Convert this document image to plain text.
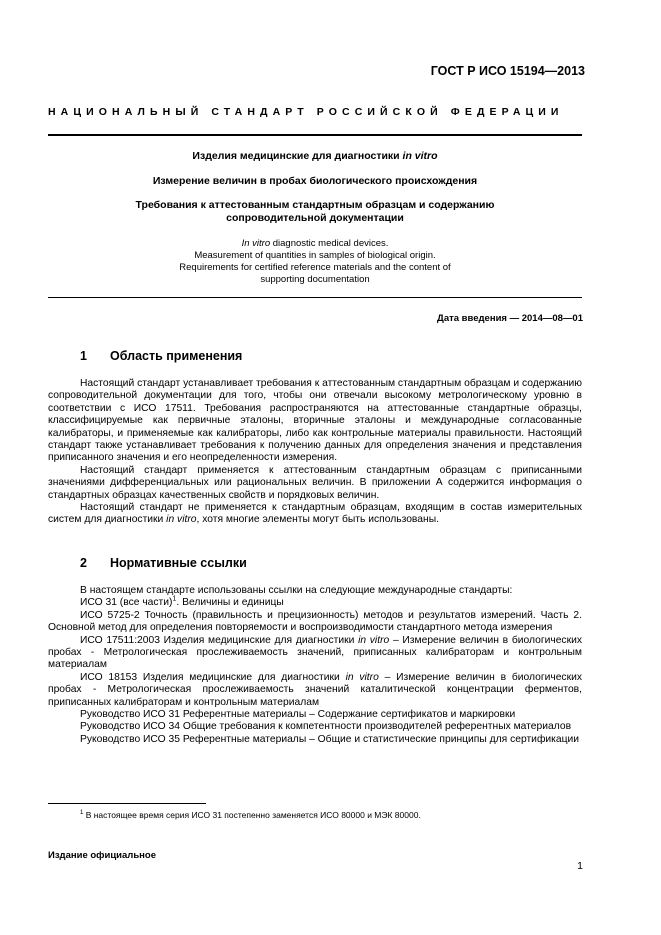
ГОСТ Р ИСО 15194—2013
НАЦИОНАЛЬНЫЙ СТАНДАРТ РОССИЙСКОЙ ФЕДЕРАЦИИ
Изделия медицинские для диагностики in vitro
Измерение величин в пробах биологического происхождения
Требования к аттестованным стандартным образцам и содержанию
сопроводительной документации
In vitro diagnostic medical devices.
Measurement of quantities in samples of biological origin.
Requirements for certified reference materials and the content of
supporting documentation
Дата введения — 2014—08—01
1 Область применения

Настоящий стандарт устанавливает требования к аттестованным стандартным образцам и содержанию сопроводительной документации для того, чтобы они отвечали высокому метрологическому уровню в соответствии с ИСО 17511. Требования распространяются на аттестованные стандартные образцы, классифицируемые как первичные эталоны, вторичные эталоны и международные согласованные калибраторы, и применяемые как калибраторы, либо как контрольные материалы правильности. Настоящий стандарт также устанавливает требования к получению данных для определения значения и представления приписанного значения и его неопределенности измерения.

Настоящий стандарт применяется к аттестованным стандартным образцам с приписанными значениями дифференциальных или рациональных величин. В приложении А содержится информация о стандартных образцах качественных свойств и порядковых величин.

Настоящий стандарт не применяется к стандартным образцам, входящим в состав измерительных систем для диагностики in vitro, хотя многие элементы могут быть использованы.

2 Нормативные ссылки

В настоящем стандарте использованы ссылки на следующие международные стандарты:

ИСО 31 (все части)$^1$. Величины и единицы

ИСО 5725-2 Точность (правильность и прецизионность) методов и результатов измерений. Часть 2. Основной метод для определения повторяемости и воспроизводимости стандартного метода измерения

ИСО 17511:2003 Изделия медицинские для диагностики in vitro – Измерение величин в биологических пробах - Метрологическая прослеживаемость значений, приписанных калибраторам и контрольным материалам

ИСО 18153 Изделия медицинские для диагностики in vitro – Измерение величин в биологических пробах - Метрологическая прослеживаемость значений каталитической концентрации ферментов, приписанных калибраторам и контрольным материалам

Руководство ИСО 31 Референтные материалы – Содержание сертификатов и маркировки

Руководство ИСО 34 Общие требования к компетентности производителей референтных материалов

Руководство ИСО 35 Референтные материалы – Общие и статистические принципы для сертификации

$^1$ В настоящее время серия ИСО 31 постепенно заменяется ИСО 80000 и МЭК 80000.
Издание официальное
1
